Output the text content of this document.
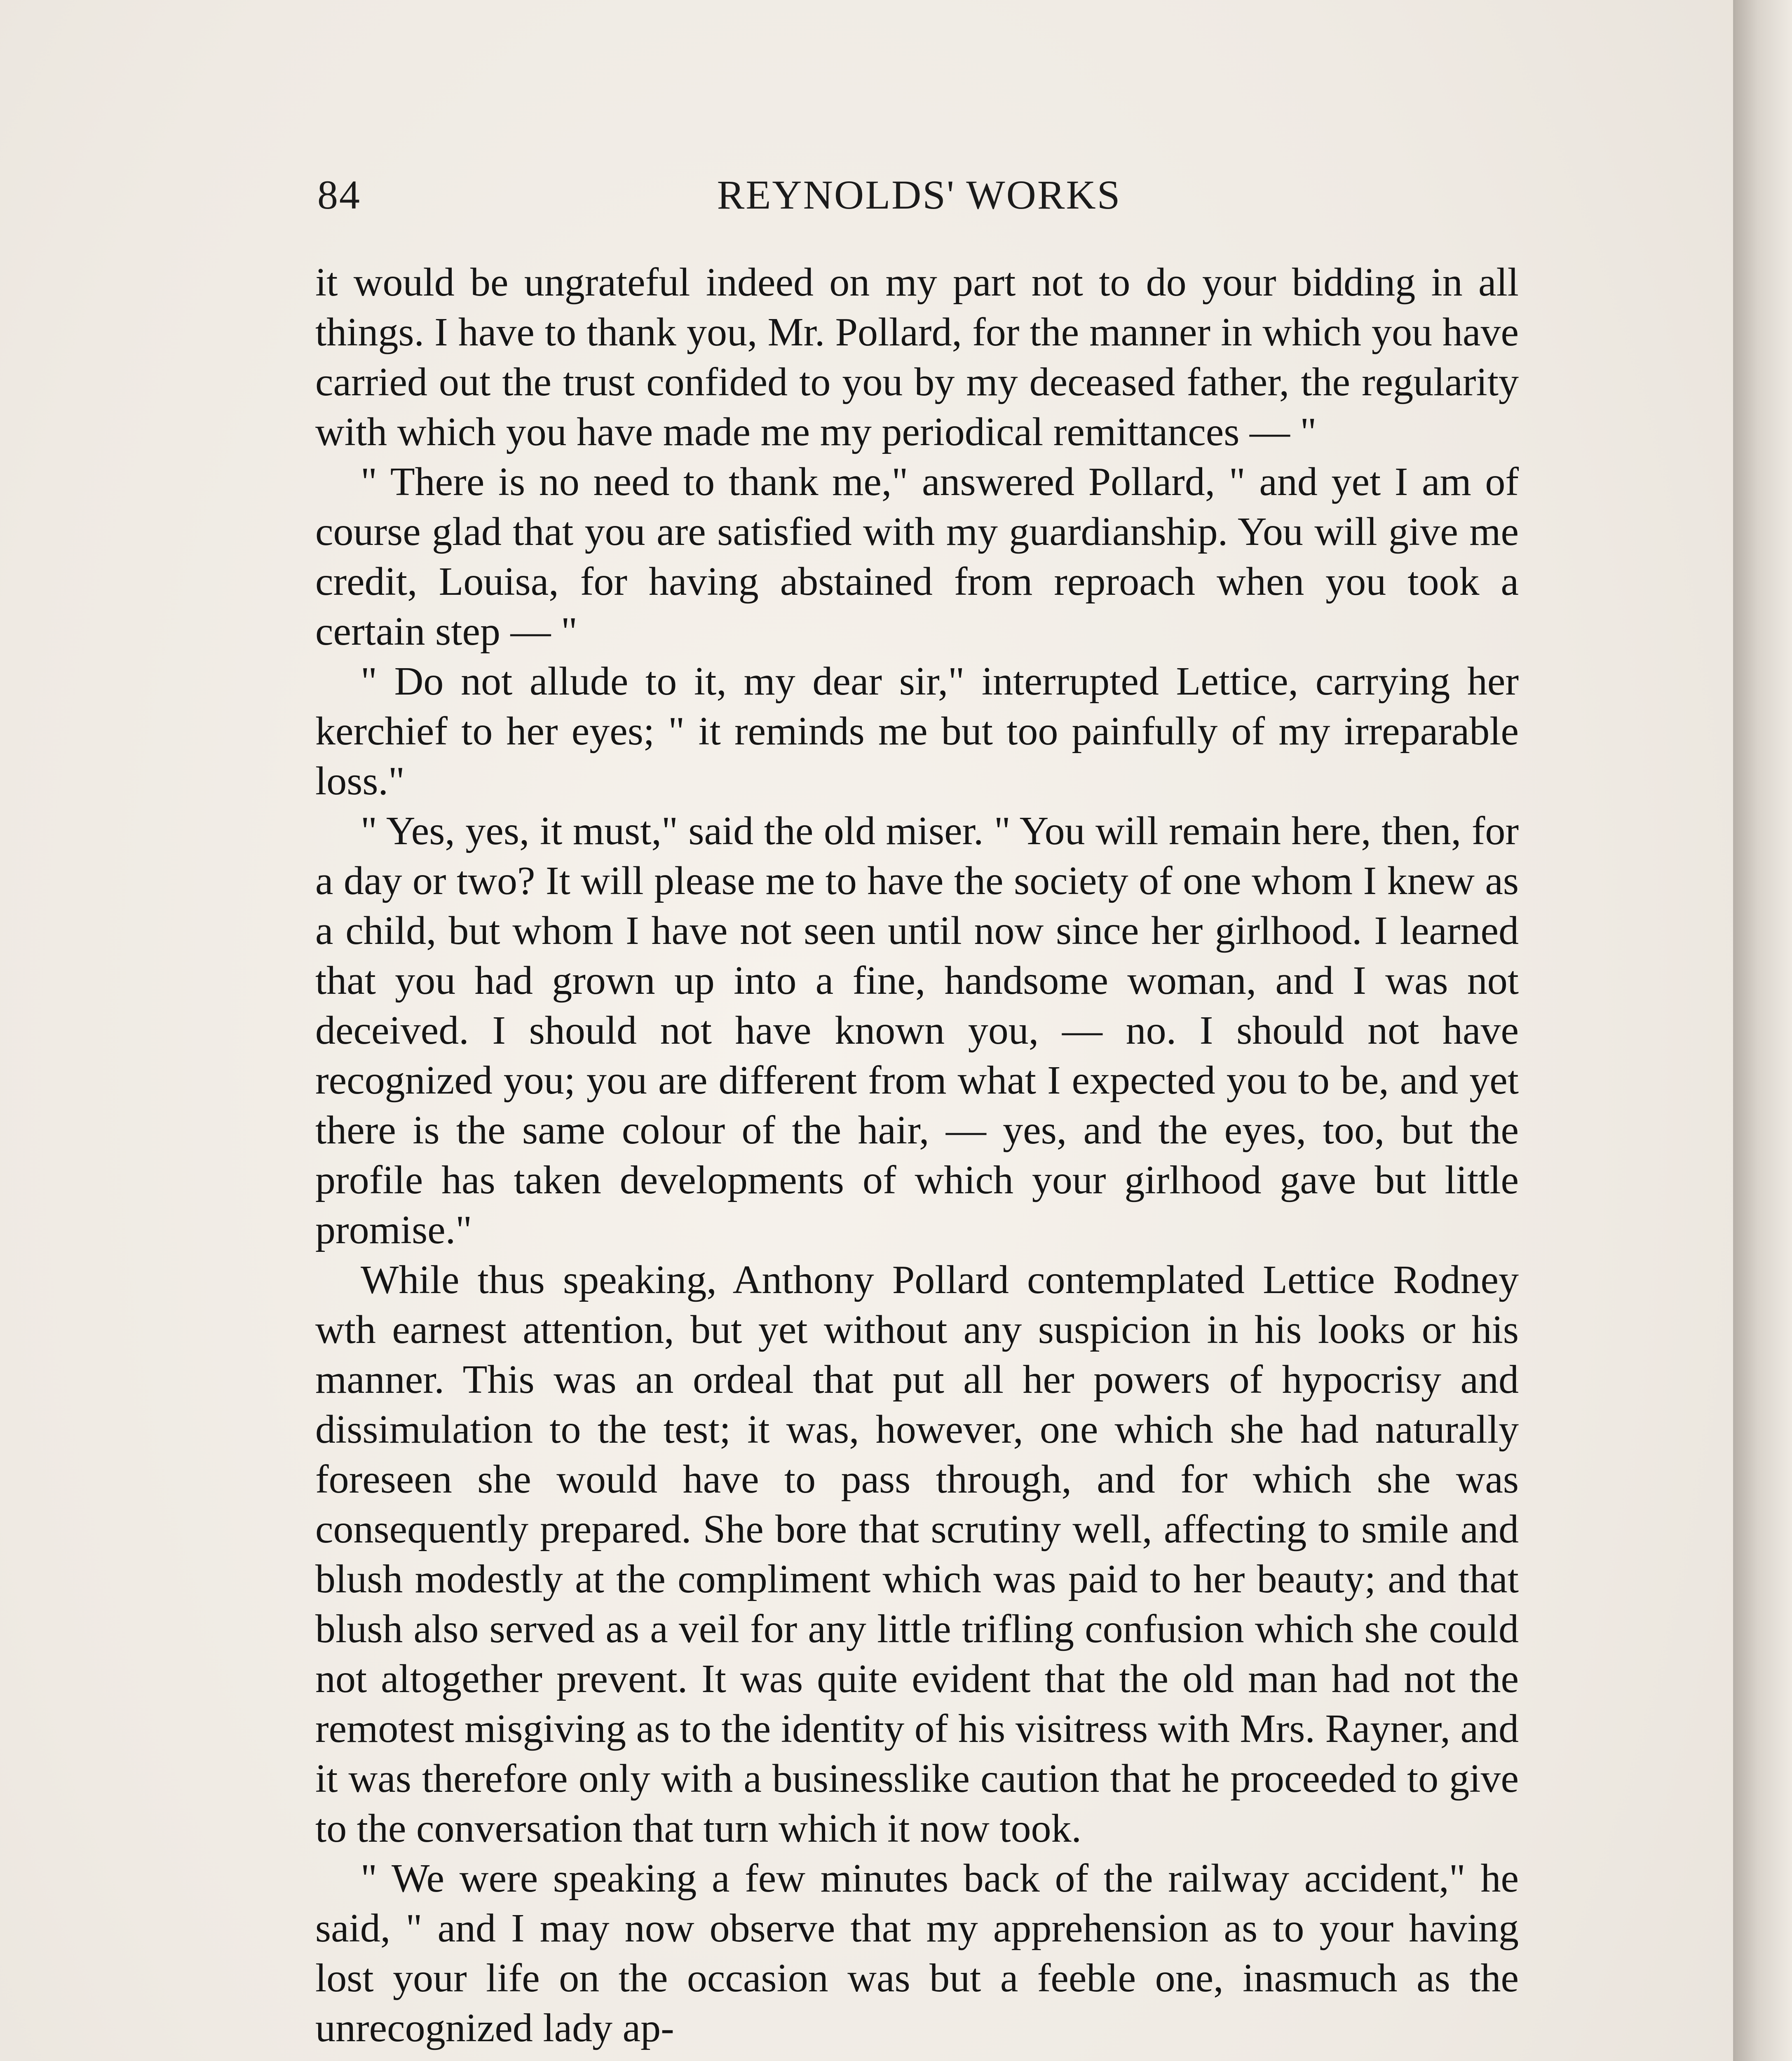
84	REYNOLDS' WORKS

it would be ungrateful indeed on my part not to do your bidding in all things. I have to thank you, Mr. Pollard, for the manner in which you have carried out the trust confided to you by my deceased father, the regularity with which you have made me my periodical remittances — "

" There is no need to thank me," answered Pollard, " and yet I am of course glad that you are satisfied with my guardianship. You will give me credit, Louisa, for having abstained from reproach when you took a certain step — "

" Do not allude to it, my dear sir," interrupted Lettice, carrying her kerchief to her eyes; " it reminds me but too painfully of my irreparable loss."

" Yes, yes, it must," said the old miser. " You will remain here, then, for a day or two? It will please me to have the society of one whom I knew as a child, but whom I have not seen until now since her girlhood. I learned that you had grown up into a fine, handsome woman, and I was not deceived. I should not have known you, — no. I should not have recognized you; you are different from what I expected you to be, and yet there is the same colour of the hair, — yes, and the eyes, too, but the profile has taken developments of which your girlhood gave but little promise."

While thus speaking, Anthony Pollard contemplated Lettice Rodney wth earnest attention, but yet without any suspicion in his looks or his manner. This was an ordeal that put all her powers of hypocrisy and dissimulation to the test; it was, however, one which she had naturally foreseen she would have to pass through, and for which she was consequently prepared. She bore that scrutiny well, affecting to smile and blush modestly at the compliment which was paid to her beauty; and that blush also served as a veil for any little trifling confusion which she could not altogether prevent. It was quite evident that the old man had not the remotest misgiving as to the identity of his visitress with Mrs. Rayner, and it was therefore only with a businesslike caution that he proceeded to give to the conversation that turn which it now took.

" We were speaking a few minutes back of the railway accident," he said, " and I may now observe that my apprehension as to your having lost your life on the occasion was but a feeble one, inasmuch as the unrecognized lady ap-
